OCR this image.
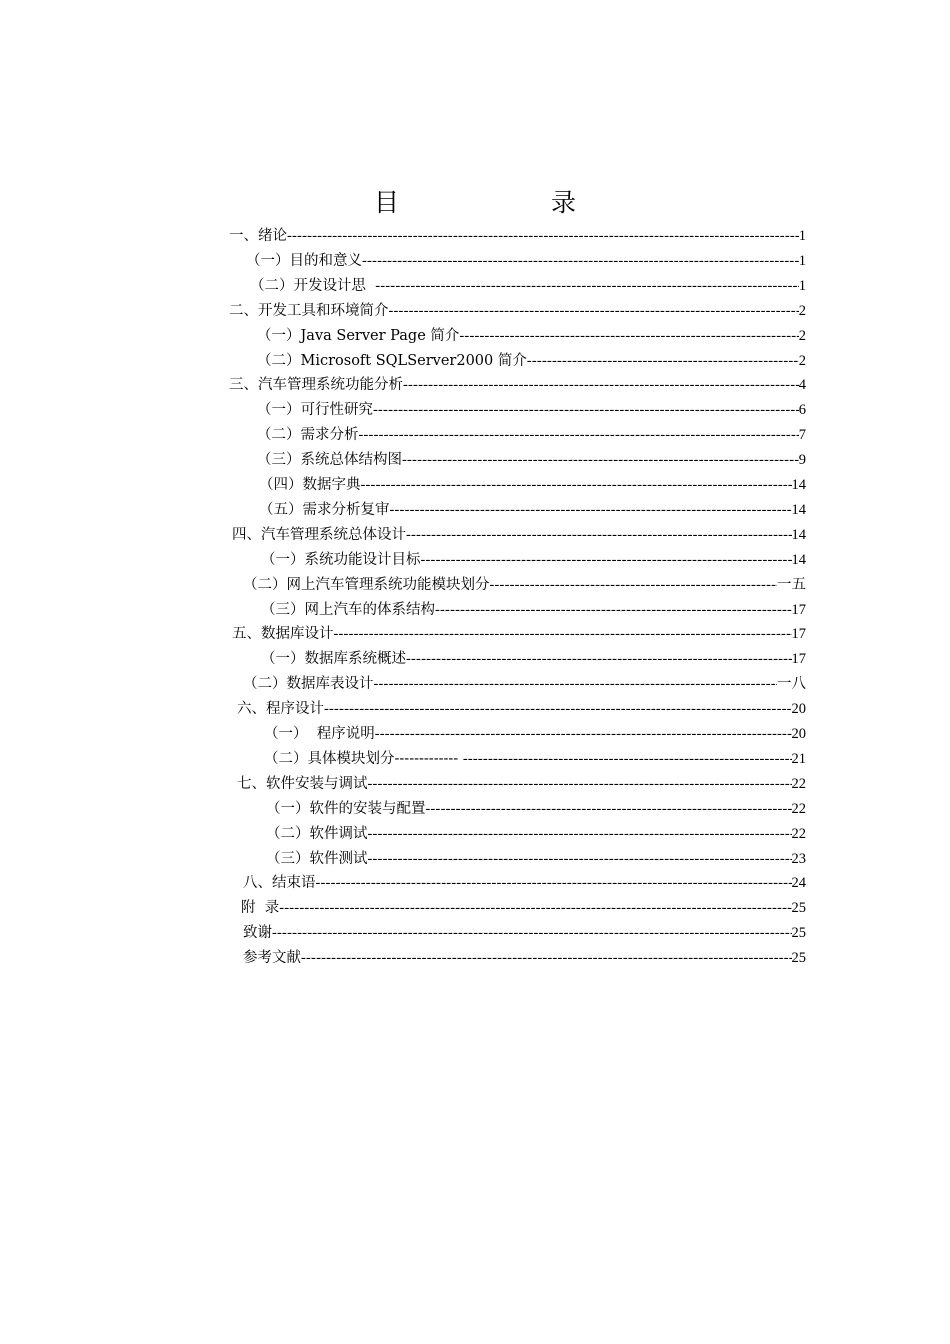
目	录
一、绪论 -----	1
（一）目的和意义 -----	1
（二）开发设计思 -----	1
二、开发工具和环境简介 -----	2
（一）Java Server Page 简介 -----	2
（二）Microsoft SQLServer2000 简介 -----	2
三、汽车管理系统功能分析 -----	4
（一）可行性研究 -----	6
（二）需求分析 -----	7
（三）系统总体结构图 -----	9
（四）数据字典 -----	14
（五）需求分析复审 -----	14
四、汽车管理系统总体设计 -----	14
（一）系统功能设计目标 -----	14
（二）网上汽车管理系统功能模块划分 -----	一五
（三）网上汽车的体系结构 -----	17
五、数据库设计 -----	17
（一）数据库系统概述 -----	17
（二）数据库表设计 -----	一八
六、程序设计 -----	20
（一）  程序说明 -----	20
（二）具体模块划分------------- -----	21
七、软件安装与调试 -----	22
（一）软件的安装与配置 -----	22
（二）软件调试 -----	22
（三）软件测试 -----	23
八、结束语 -----	24
附  录 -----	25
致谢 -----	25
参考文献 -----	25
